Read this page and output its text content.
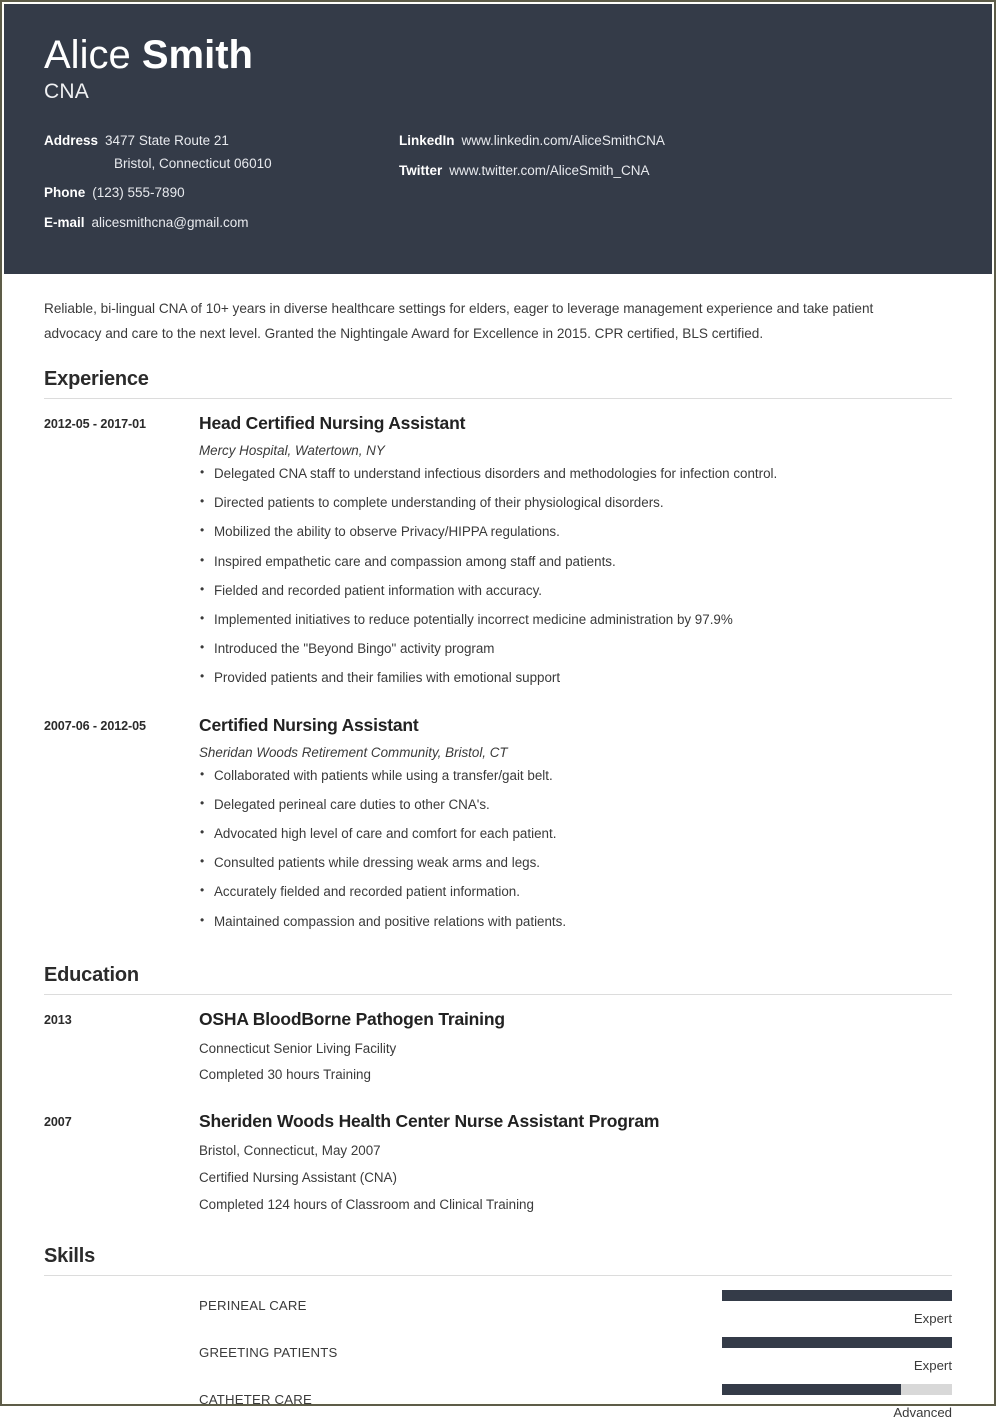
Alice Smith
CNA
Address 3477 State Route 21
Bristol, Connecticut 06010
Phone (123) 555-7890
E-mail alicesmithcna@gmail.com
LinkedIn www.linkedin.com/AliceSmithCNA
Twitter www.twitter.com/AliceSmith_CNA
Reliable, bi-lingual CNA of 10+ years in diverse healthcare settings for elders, eager to leverage management experience and take patient advocacy and care to the next level. Granted the Nightingale Award for Excellence in 2015. CPR certified, BLS certified.
Experience
2012-05 - 2017-01	Head Certified Nursing Assistant
Mercy Hospital, Watertown, NY
• Delegated CNA staff to understand infectious disorders and methodologies for infection control.
• Directed patients to complete understanding of their physiological disorders.
• Mobilized the ability to observe Privacy/HIPPA regulations.
• Inspired empathetic care and compassion among staff and patients.
• Fielded and recorded patient information with accuracy.
• Implemented initiatives to reduce potentially incorrect medicine administration by 97.9%
• Introduced the "Beyond Bingo" activity program
• Provided patients and their families with emotional support
2007-06 - 2012-05	Certified Nursing Assistant
Sheridan Woods Retirement Community, Bristol, CT
• Collaborated with patients while using a transfer/gait belt.
• Delegated perineal care duties to other CNA's.
• Advocated high level of care and comfort for each patient.
• Consulted patients while dressing weak arms and legs.
• Accurately fielded and recorded patient information.
• Maintained compassion and positive relations with patients.
Education
2013	OSHA BloodBorne Pathogen Training
Connecticut Senior Living Facility
Completed 30 hours Training
2007	Sheriden Woods Health Center Nurse Assistant Program
Bristol, Connecticut, May 2007
Certified Nursing Assistant (CNA)
Completed 124 hours of Classroom and Clinical Training
Skills
PERINEAL CARE
Expert
GREETING PATIENTS
Expert
CATHETER CARE
Advanced
